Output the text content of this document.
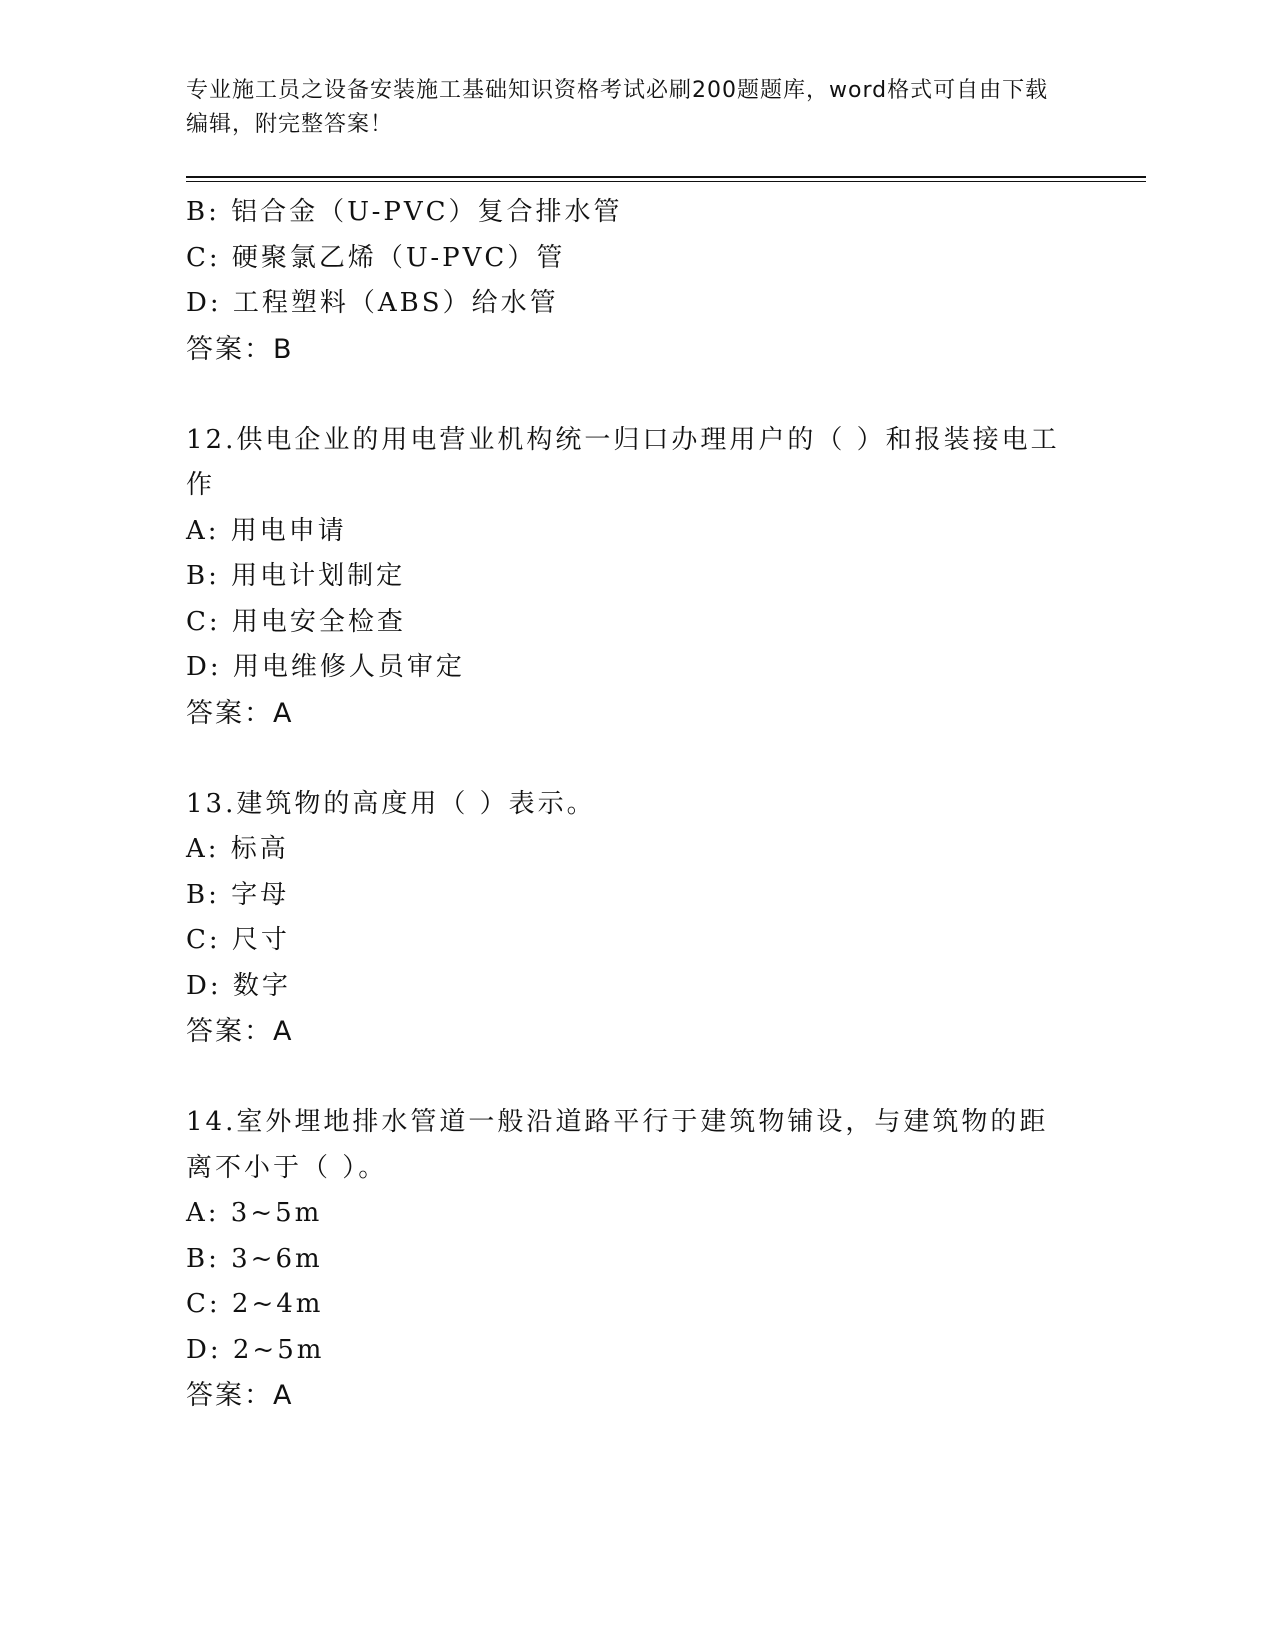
专业施工员之设备安装施工基础知识资格考试必刷200题题库，word格式可自由下载编辑，附完整答案！
B: 铝合金（U-PVC）复合排水管
C: 硬聚氯乙烯（U-PVC）管
D: 工程塑料（ABS）给水管
答案：B
12.供电企业的用电营业机构统一归口办理用户的（ ）和报装接电工作
A: 用电申请
B: 用电计划制定
C: 用电安全检查
D: 用电维修人员审定
答案：A
13.建筑物的高度用（ ）表示。
A: 标高
B: 字母
C: 尺寸
D: 数字
答案：A
14.室外埋地排水管道一般沿道路平行于建筑物铺设，与建筑物的距离不小于（ ）。
A: 3~5m
B: 3~6m
C: 2~4m
D: 2~5m
答案：A
